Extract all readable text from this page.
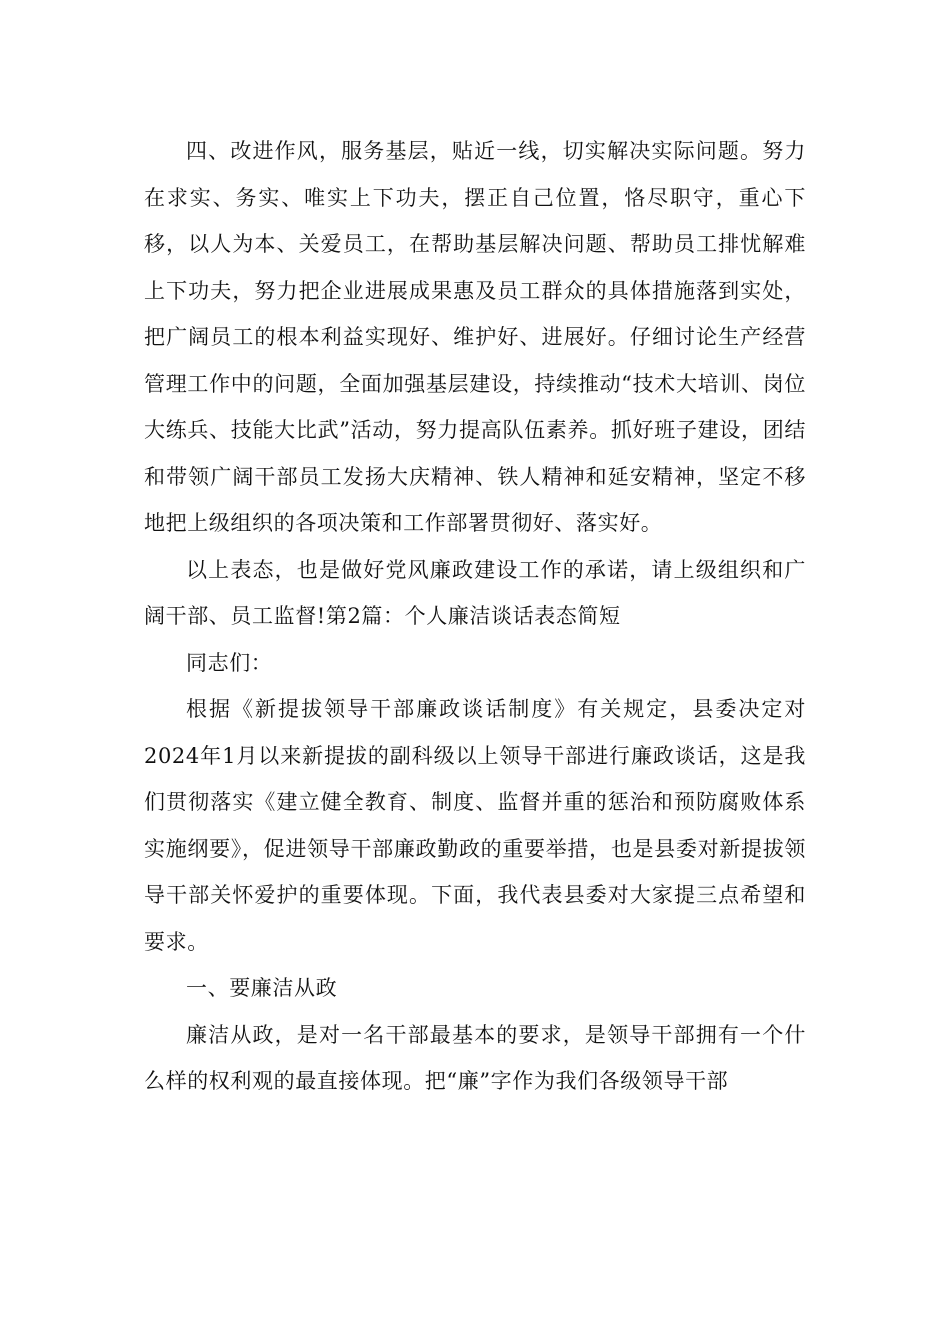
四、改进作风，服务基层，贴近一线，切实解决实际问题。努力在求实、务实、唯实上下功夫，摆正自己位置，恪尽职守，重心下移，以人为本、关爱员工，在帮助基层解决问题、帮助员工排忧解难上下功夫，努力把企业进展成果惠及员工群众的具体措施落到实处，把广阔员工的根本利益实现好、维护好、进展好。仔细讨论生产经营管理工作中的问题，全面加强基层建设，持续推动“技术大培训、岗位大练兵、技能大比武”活动，努力提高队伍素养。抓好班子建设，团结和带领广阔干部员工发扬大庆精神、铁人精神和延安精神，坚定不移地把上级组织的各项决策和工作部署贯彻好、落实好。

以上表态，也是做好党风廉政建设工作的承诺，请上级组织和广阔干部、员工监督!第2篇：个人廉洁谈话表态简短

同志们：

根据《新提拔领导干部廉政谈话制度》有关规定，县委决定对2024年1月以来新提拔的副科级以上领导干部进行廉政谈话，这是我们贯彻落实《建立健全教育、制度、监督并重的惩治和预防腐败体系实施纲要》，促进领导干部廉政勤政的重要举措，也是县委对新提拔领导干部关怀爱护的重要体现。下面，我代表县委对大家提三点希望和要求。

一、要廉洁从政

廉洁从政，是对一名干部最基本的要求，是领导干部拥有一个什么样的权利观的最直接体现。把“廉”字作为我们各级领导干部
